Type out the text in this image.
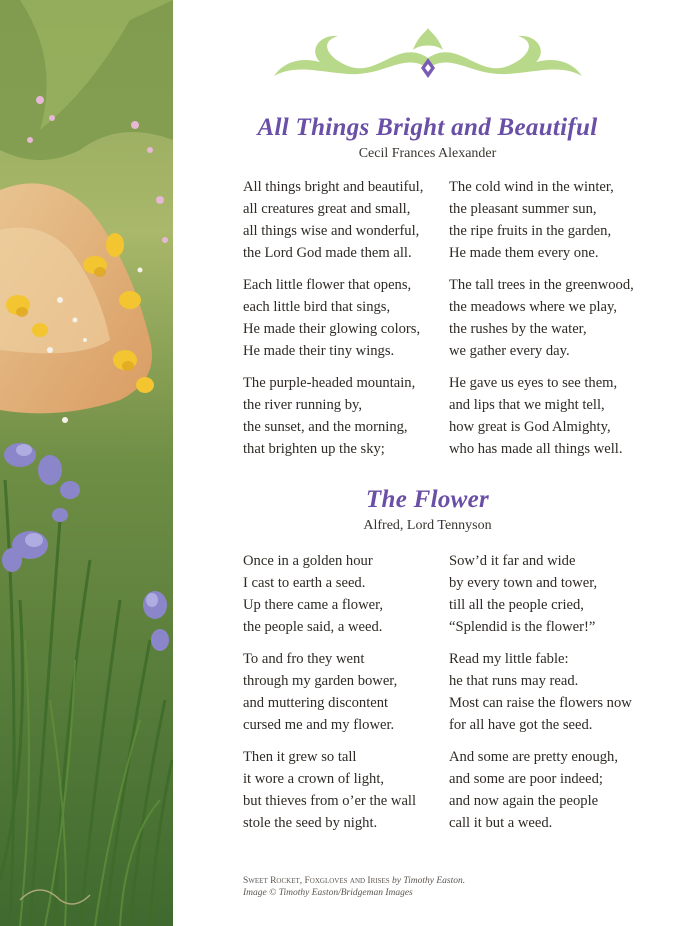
All Things Bright and Beautiful
Cecil Frances Alexander
All things bright and beautiful,
all creatures great and small,
all things wise and wonderful,
the Lord God made them all.
Each little flower that opens,
each little bird that sings,
He made their glowing colors,
He made their tiny wings.
The purple-headed mountain,
the river running by,
the sunset, and the morning,
that brighten up the sky;
The cold wind in the winter,
the pleasant summer sun,
the ripe fruits in the garden,
He made them every one.
The tall trees in the greenwood,
the meadows where we play,
the rushes by the water,
we gather every day.
He gave us eyes to see them,
and lips that we might tell,
how great is God Almighty,
who has made all things well.
The Flower
Alfred, Lord Tennyson
Once in a golden hour
I cast to earth a seed.
Up there came a flower,
the people said, a weed.
To and fro they went
through my garden bower,
and muttering discontent
cursed me and my flower.
Then it grew so tall
it wore a crown of light,
but thieves from o’er the wall
stole the seed by night.
Sow’d it far and wide
by every town and tower,
till all the people cried,
“Splendid is the flower!”
Read my little fable:
he that runs may read.
Most can raise the flowers now
for all have got the seed.
And some are pretty enough,
and some are poor indeed;
and now again the people
call it but a weed.
Sweet Rocket, Foxgloves and Irises by Timothy Easton.
Image © Timothy Easton/Bridgeman Images
